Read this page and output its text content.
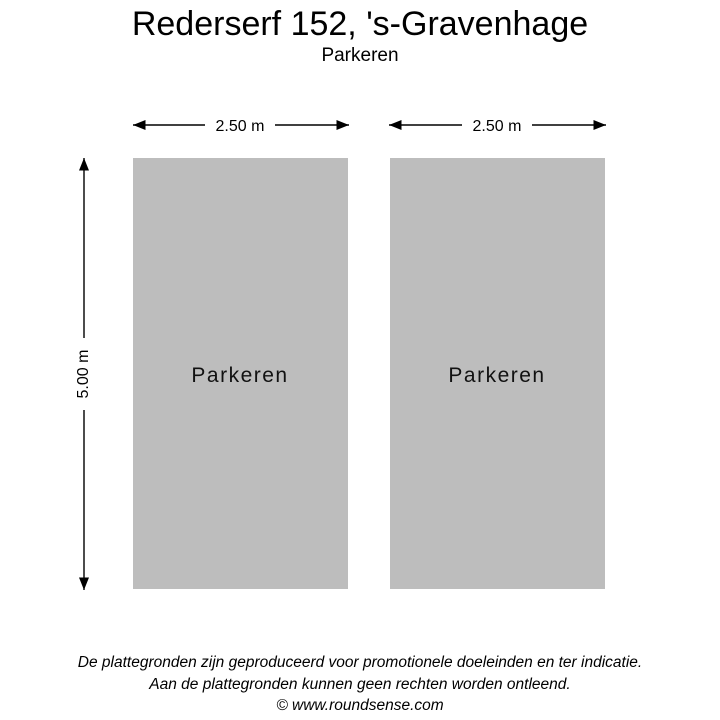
Rederserf 152, 's-Gravenhage
Parkeren
Parkeren	Parkeren
2.50 m	2.50 m
5.00 m
De plattegronden zijn geproduceerd voor promotionele doeleinden en ter indicatie.
Aan de plattegronden kunnen geen rechten worden ontleend.
© www.roundsense.com
